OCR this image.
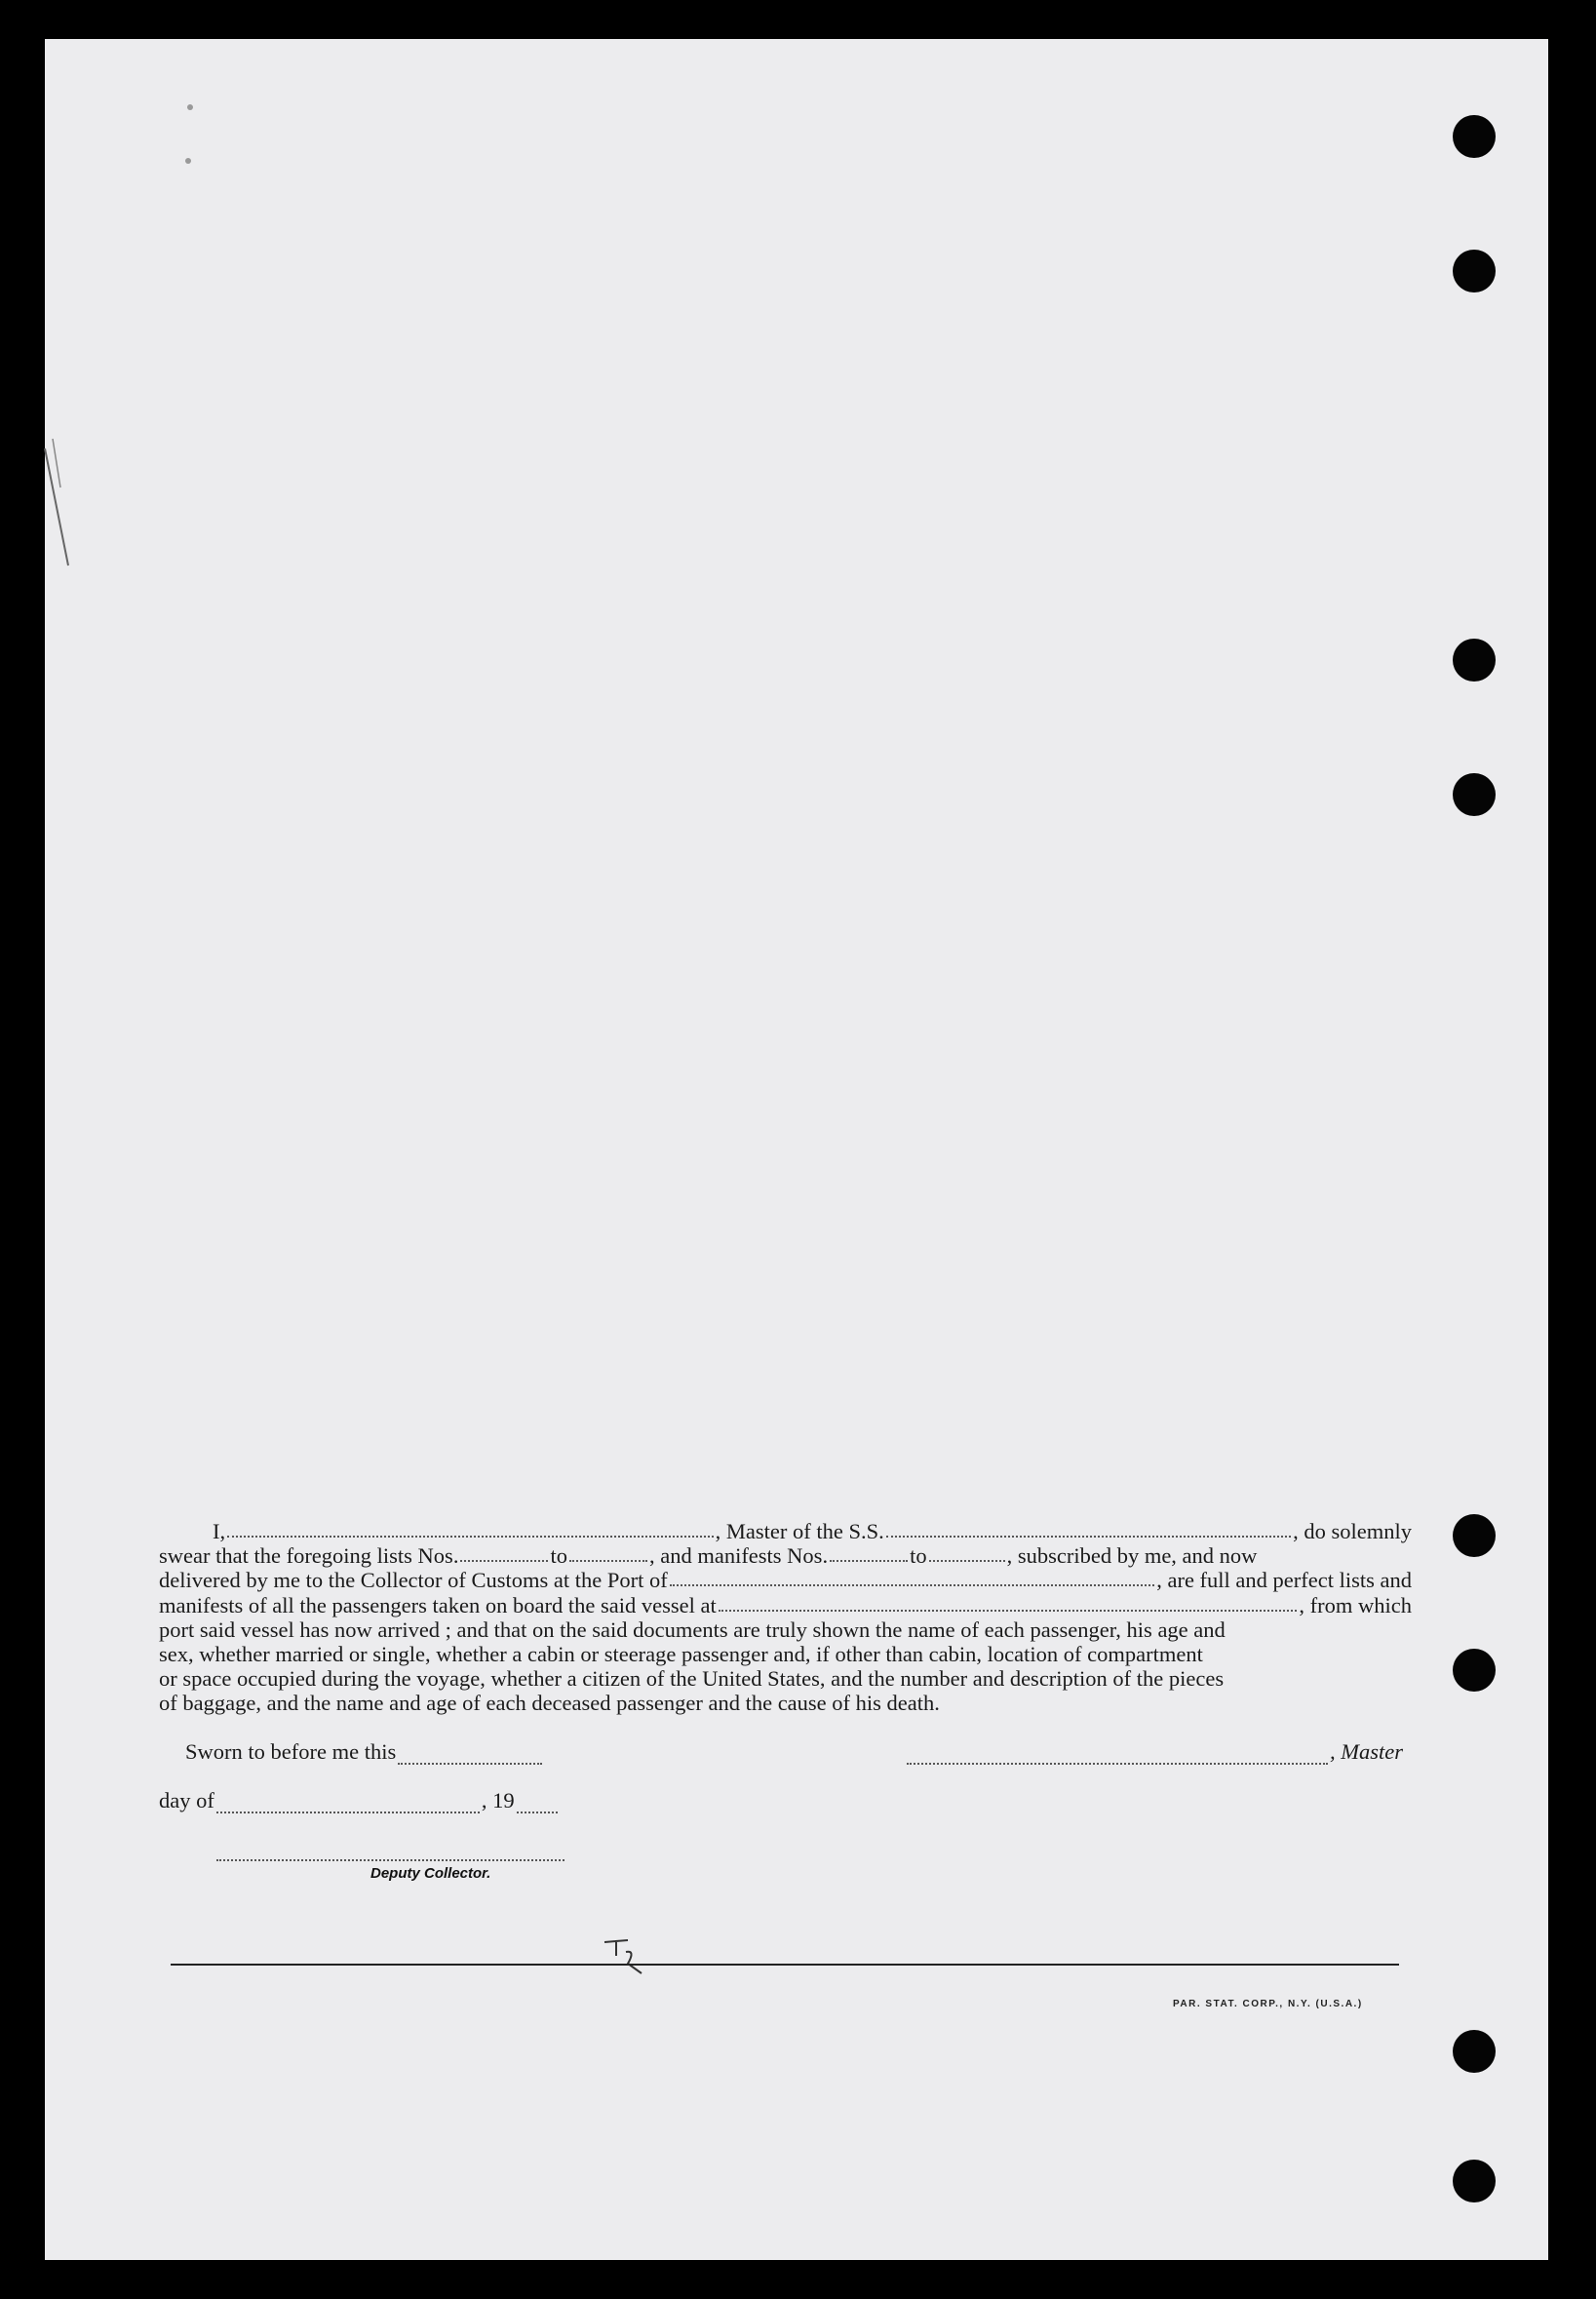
I,	, Master of the S.S.	, do solemnly
swear that the foregoing lists Nos.	to	, and manifests Nos.	to	, subscribed by me, and now
delivered by me to the Collector of Customs at the Port of	, are full and perfect lists and
manifests of all the passengers taken on board the said vessel at	, from which
port said vessel has now arrived ; and that on the said documents are truly shown the name of each passenger, his age and
sex, whether married or single, whether a cabin or steerage passenger and, if other than cabin, location of compartment
or space occupied during the voyage, whether a citizen of the United States, and the number and description of the pieces
of baggage, and the name and age of each deceased passenger and the cause of his death.
Sworn to before me this	, Master
day of	, 19
Deputy Collector.
PAR. STAT. CORP., N.Y. (U.S.A.)
